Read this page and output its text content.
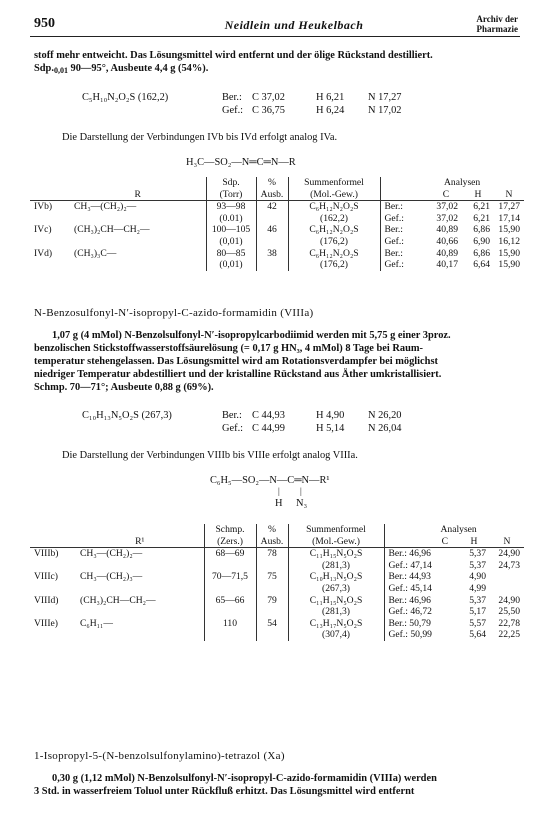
950	Neidlein und Heukelbach	Archiv der
Pharmazie

stoff mehr entweicht. Das Lösungsmittel wird entfernt und der ölige Rückstand destilliert.

Sdp.0,01 90—95°, Ausbeute 4,4 g (54%).

C₅H₁₀N₂O₂S (162,2)	Ber.: C 37,02	H 6,21 N 17,27
Gef.: C 36,75	H 6,24 N 17,02
Die Darstellung der Verbindungen IVb bis IVd erfolgt analog IVa.
H₃C—SO₂—N═C═N—R
		Sdp.	%	Summenformel		Analysen		
	R	(Torr)	Ausb.	(Mol.-Gew.)		C	H	N
IVb)	CH₃—(CH₂)₂—	93—98	42	C₆H₁₂N₂O₂S	Ber.:	37,02	6,21	17,27
		(0.01)		(162,2)	Gef.:	37,02	6,21	17,14
IVc)	(CH₃)₂CH—CH₂—	100—105	46	C₆H₁₂N₂O₂S	Ber.:	40,89	6,86	15,90
		(0,01)		(176,2)	Gef.:	40,66	6,90	16,12
IVd)	(CH₃)₃C—	80—85	38	C₆H₁₂N₂O₂S	Ber.:	40,89	6,86	15,90
		(0,01)		(176,2)	Gef.:	40,17	6,64	15,90
N-Benzosulfonyl-N′-isopropyl-C-azido-formamidin (VIIIa)

1,07 g (4 mMol) N-Benzolsulfonyl-N′-isopropylcarbodiimid werden mit 5,75 g einer 3proz.

benzolischen Stickstoffwasserstoffsäurelösung (= 0,17 g HN₃, 4 mMol) 8 Tage bei Raum-

temperatur stehengelassen. Das Lösungsmittel wird am Rotationsverdampfer bei möglichst

niedriger Temperatur abdestilliert und der kristalline Rückstand aus Äther umkristallisiert.

Schmp. 70—71°; Ausbeute 0,88 g (69%).

C₁₀H₁₃N₅O₂S (267,3)	Ber.: C 44,93	H 4,90 N 26,20
Gef.: C 44,99	H 5,14 N 26,04
Die Darstellung der Verbindungen VIIIb bis VIIIe erfolgt analog VIIIa.
C₆H₅—SO₂—N—C═N—R¹
| |
H N₃
		Schmp.	%	Summenformel	Analysen		
	R¹	(Zers.)	Ausb.	(Mol.-Gew.)	C	H	N
VIIIb)	CH₃—(CH₂)₂—	68—69	78	C₁₁H₁₅N₅O₂S	Ber.: 46,96	5,37	24,90
				(281,3)	Gef.: 47,14	5,37	24,73
VIIIc)	CH₃—(CH₂)₃—	70—71,5	75	C₁₀H₁₃N₅O₂S	Ber.: 44,93	4,90	
				(267,3)	Gef.: 45,14	4,99	
VIIId)	(CH₃)₂CH—CH₂—	65—66	79	C₁₁H₁₅N₅O₂S	Ber.: 46,96	5,37	24,90
				(281,3)	Gef.: 46,72	5,17	25,50
VIIIe)	C₆H₁₁—	110	54	C₁₃H₁₇N₅O₂S	Ber.: 50,79	5,57	22,78
				(307,4)	Gef.: 50,99	5,64	22,25
1-Isopropyl-5-(N-benzolsulfonylamino)-tetrazol (Xa)

0,30 g (1,12 mMol) N-Benzolsulfonyl-N′-isopropyl-C-azido-formamidin (VIIIa) werden

3 Std. in wasserfreiem Toluol unter Rückfluß erhitzt. Das Lösungsmittel wird entfernt
